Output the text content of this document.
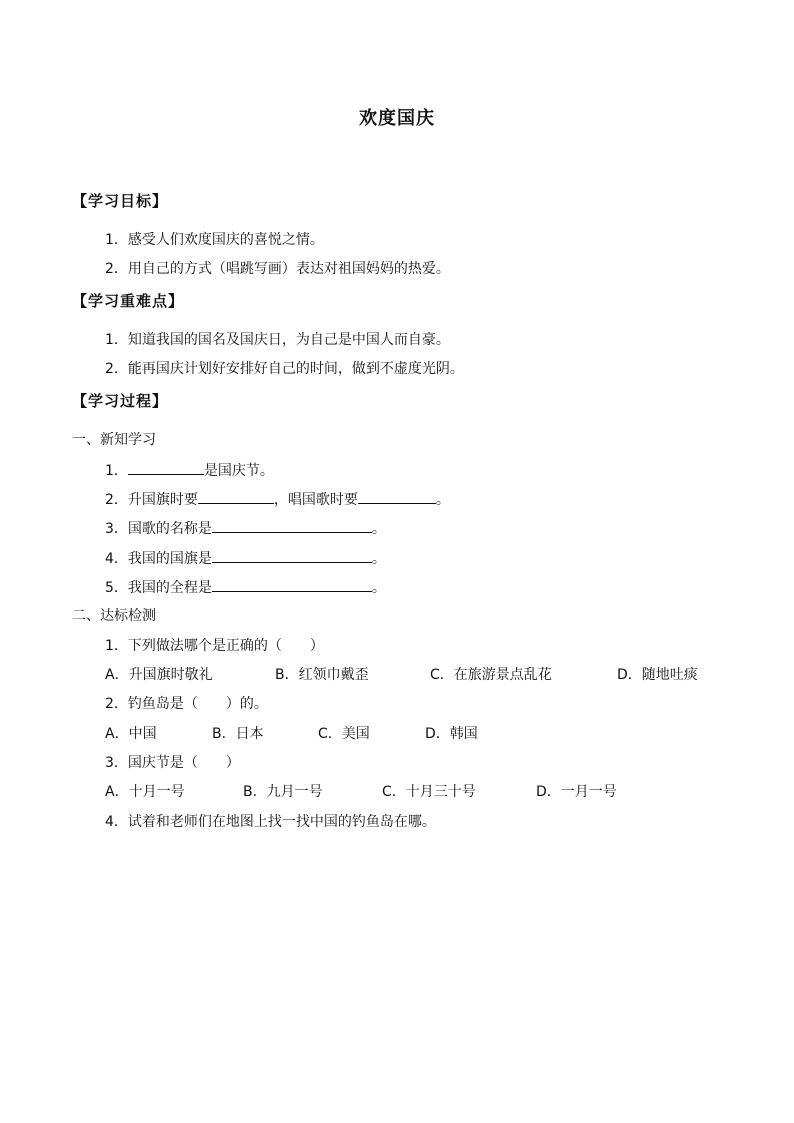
欢度国庆
【学习目标】
1．感受人们欢度国庆的喜悦之情。
2．用自己的方式（唱跳写画）表达对祖国妈妈的热爱。
【学习重难点】
1．知道我国的国名及国庆日，为自己是中国人而自豪。
2．能再国庆计划好安排好自己的时间，做到不虚度光阴。
【学习过程】
一、新知学习
1．	是国庆节。
2．升国旗时要	，唱国歌时要	。
3．国歌的名称是	。
4．我国的国旗是	。
5．我国的全程是	。
二、达标检测
1．下列做法哪个是正确的（　　）
A．升国旗时敬礼	B．红领巾戴歪	C．在旅游景点乱花	D．随地吐痰
2．钓鱼岛是（　　）的。
A．中国	B．日本	C．美国	D．韩国
3．国庆节是（　　）
A．十月一号	B．九月一号	C．十月三十号	D．一月一号
4．试着和老师们在地图上找一找中国的钓鱼岛在哪。
